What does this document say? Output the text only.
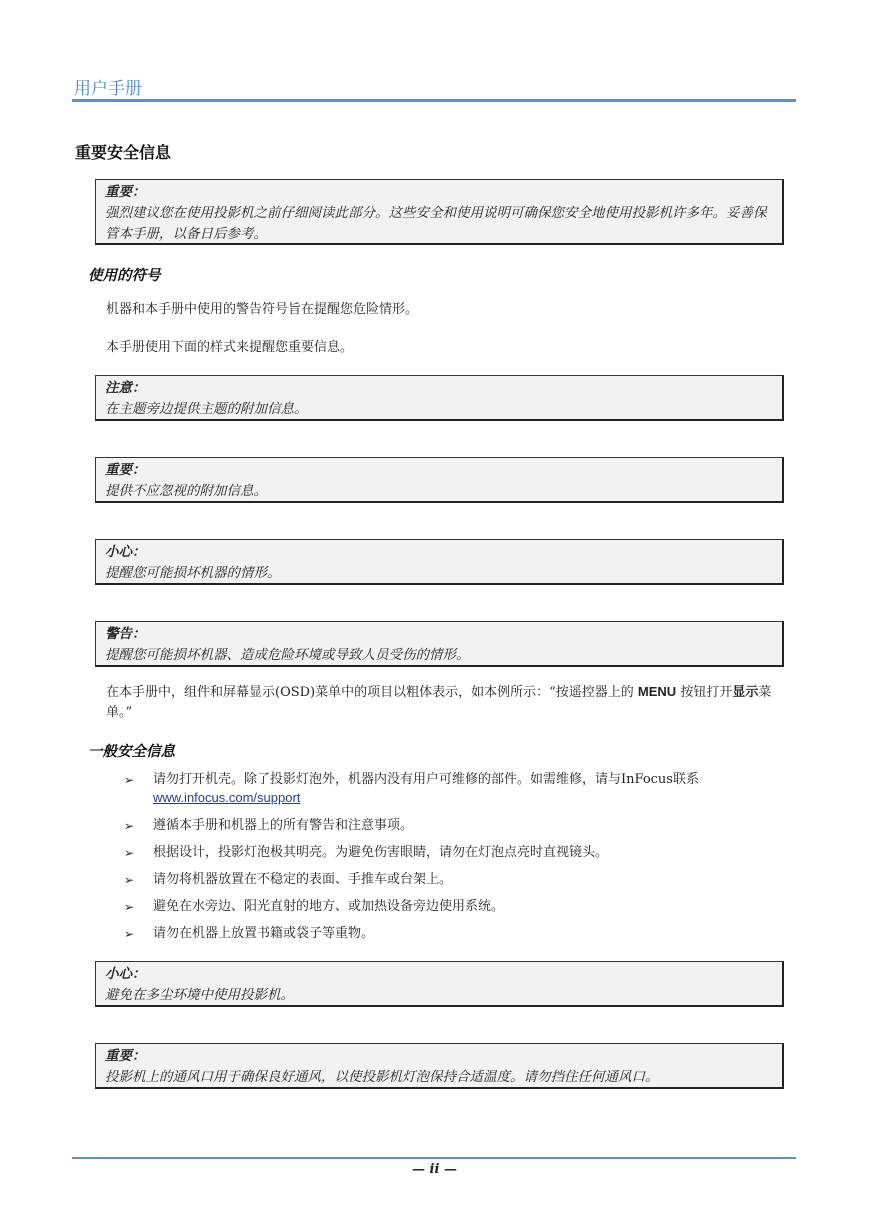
用户手册
重要安全信息
重要：
强烈建议您在使用投影机之前仔细阅读此部分。这些安全和使用说明可确保您安全地使用投影机许多年。妥善保管本手册，以备日后参考。
使用的符号
机器和本手册中使用的警告符号旨在提醒您危险情形。
本手册使用下面的样式来提醒您重要信息。
注意：
在主题旁边提供主题的附加信息。
重要：
提供不应忽视的附加信息。
小心：
提醒您可能损坏机器的情形。
警告：
提醒您可能损坏机器、造成危险环境或导致人员受伤的情形。
在本手册中，组件和屏幕显示(OSD)菜单中的项目以粗体表示，如本例所示：“按遥控器上的 MENU 按钮打开显示菜单。”
一般安全信息
➢ 请勿打开机壳。除了投影灯泡外，机器内没有用户可维修的部件。如需维修，请与InFocus联系
www.infocus.com/support
➢ 遵循本手册和机器上的所有警告和注意事项。
➢ 根据设计，投影灯泡极其明亮。为避免伤害眼睛，请勿在灯泡点亮时直视镜头。
➢ 请勿将机器放置在不稳定的表面、手推车或台架上。
➢ 避免在水旁边、阳光直射的地方、或加热设备旁边使用系统。
➢ 请勿在机器上放置书籍或袋子等重物。
小心：
避免在多尘环境中使用投影机。
重要：
投影机上的通风口用于确保良好通风，以使投影机灯泡保持合适温度。请勿挡住任何通风口。
— ii —
